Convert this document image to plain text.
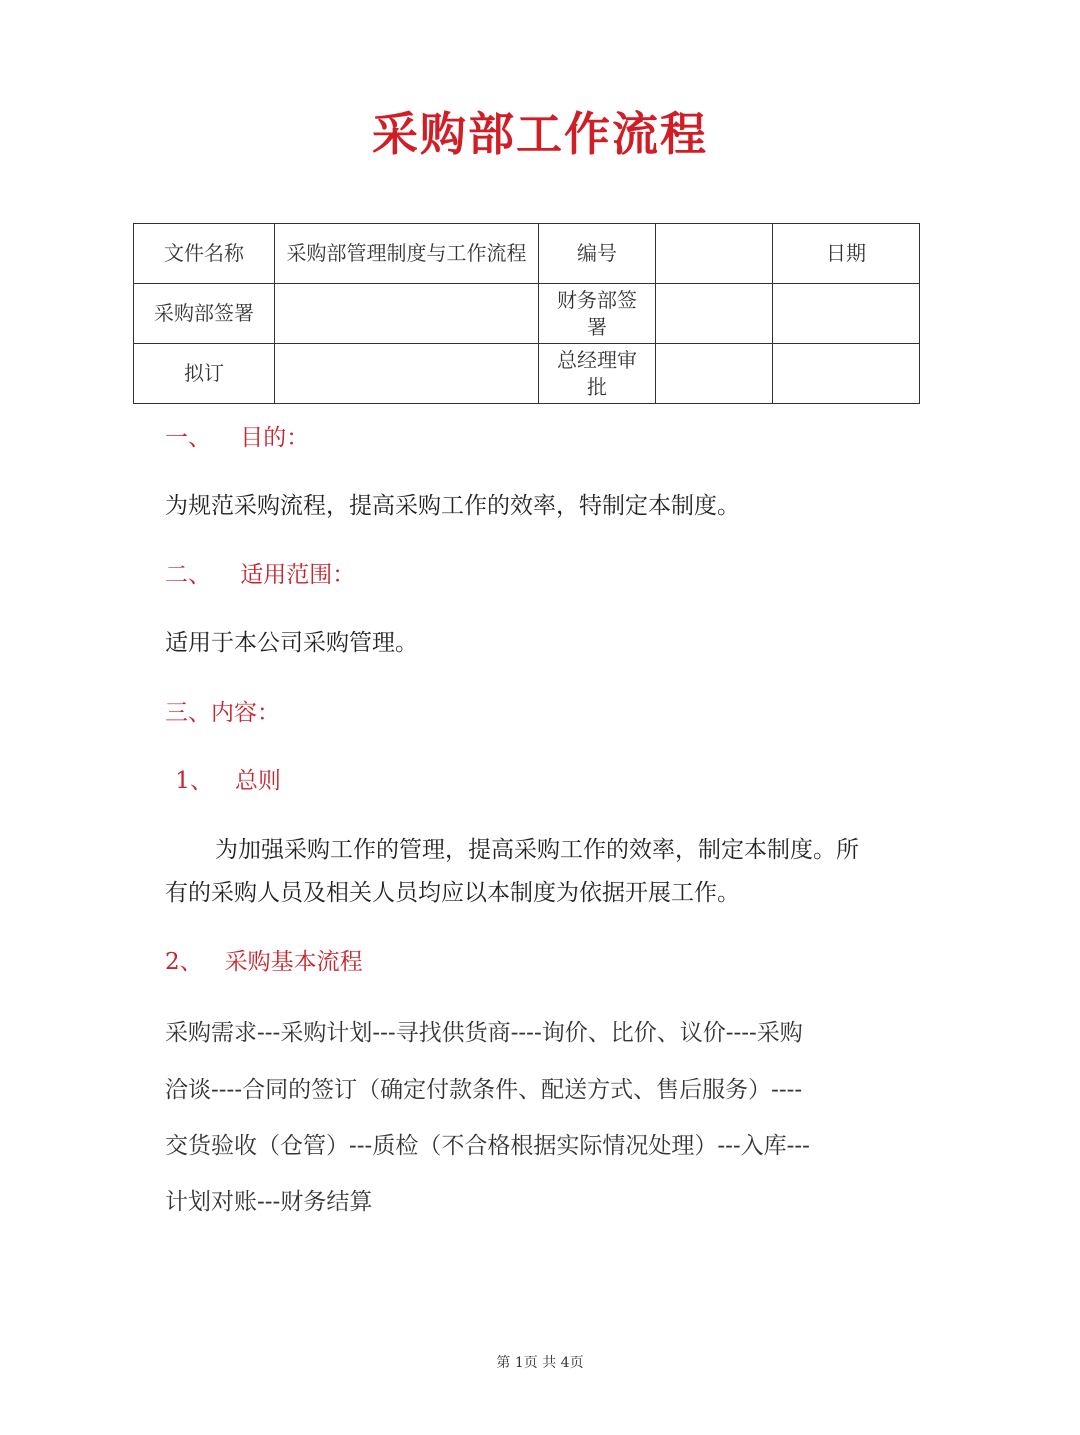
采购部工作流程
文件名称	采购部管理制度与工作流程	编号		日期
采购部签署		财务部签署		
拟订		总经理审批		
一、    目的：
为规范采购流程，提高采购工作的效率，特制定本制度。
二、    适用范围：
适用于本公司采购管理。
三、内容：
1、   总则
为加强采购工作的管理，提高采购工作的效率，制定本制度。所
有的采购人员及相关人员均应以本制度为依据开展工作。
2、   采购基本流程
采购需求---采购计划---寻找供货商----询价、比价、议价----采购
洽谈----合同的签订（确定付款条件、配送方式、售后服务）----
交货验收（仓管）---质检（不合格根据实际情况处理）---入库---
计划对账---财务结算
第 1页 共 4页
